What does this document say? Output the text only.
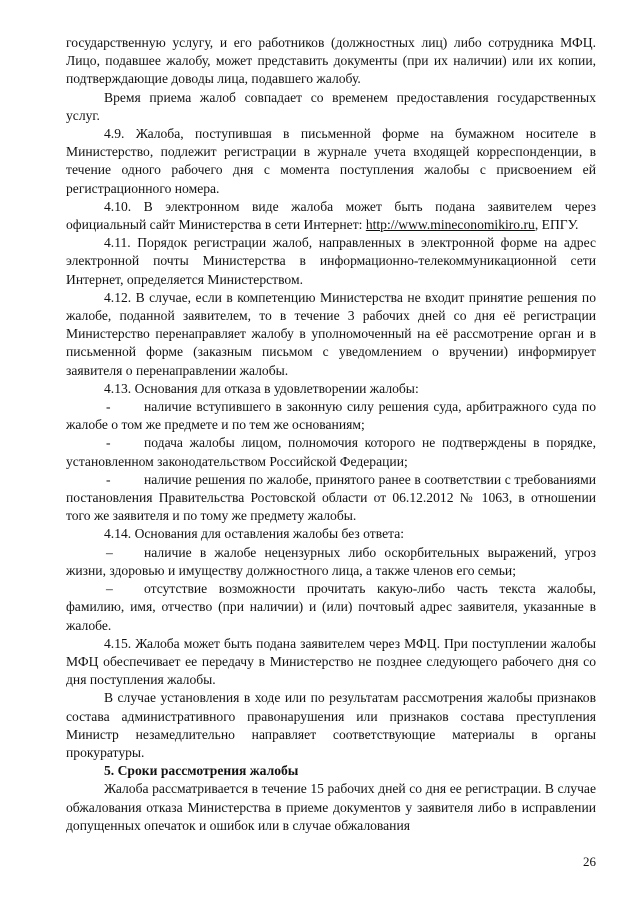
государственную услугу, и его работников (должностных лиц) либо сотрудника МФЦ. Лицо, подавшее жалобу, может представить документы (при их наличии) или их копии, подтверждающие доводы лица, подавшего жалобу.

Время приема жалоб совпадает со временем предоставления государственных услуг.

4.9. Жалоба, поступившая в письменной форме на бумажном носителе в Министерство, подлежит регистрации в журнале учета входящей корреспонденции, в течение одного рабочего дня с момента поступления жалобы с присвоением ей регистрационного номера.

4.10. В электронном виде жалоба может быть подана заявителем через официальный сайт Министерства в сети Интернет: http://www.mineconomikiro.ru, ЕПГУ.

4.11. Порядок регистрации жалоб, направленных в электронной форме на адрес электронной почты Министерства в информационно-телекоммуникационной сети Интернет, определяется Министерством.

4.12. В случае, если в компетенцию Министерства не входит принятие решения по жалобе, поданной заявителем, то в течение 3 рабочих дней со дня её регистрации Министерство перенаправляет жалобу в уполномоченный на её рассмотрение орган и в письменной форме (заказным письмом с уведомлением о вручении) информирует заявителя о перенаправлении жалобы.

4.13. Основания для отказа в удовлетворении жалобы:

- наличие вступившего в законную силу решения суда, арбитражного суда по жалобе о том же предмете и по тем же основаниям;

- подача жалобы лицом, полномочия которого не подтверждены в порядке, установленном законодательством Российской Федерации;

- наличие решения по жалобе, принятого ранее в соответствии с требованиями постановления Правительства Ростовской области от 06.12.2012 № 1063, в отношении того же заявителя и по тому же предмету жалобы.

4.14. Основания для оставления жалобы без ответа:

– наличие в жалобе нецензурных либо оскорбительных выражений, угроз жизни, здоровью и имуществу должностного лица, а также членов его семьи;

– отсутствие возможности прочитать какую-либо часть текста жалобы, фамилию, имя, отчество (при наличии) и (или) почтовый адрес заявителя, указанные в жалобе.

4.15. Жалоба может быть подана заявителем через МФЦ. При поступлении жалобы МФЦ обеспечивает ее передачу в Министерство не позднее следующего рабочего дня со дня поступления жалобы.

В случае установления в ходе или по результатам рассмотрения жалобы признаков состава административного правонарушения или признаков состава преступления Министр незамедлительно направляет соответствующие материалы в органы прокуратуры.

5. Сроки рассмотрения жалобы

Жалоба рассматривается в течение 15 рабочих дней со дня ее регистрации. В случае обжалования отказа Министерства в приеме документов у заявителя либо в исправлении допущенных опечаток и ошибок или в случае обжалования

26
